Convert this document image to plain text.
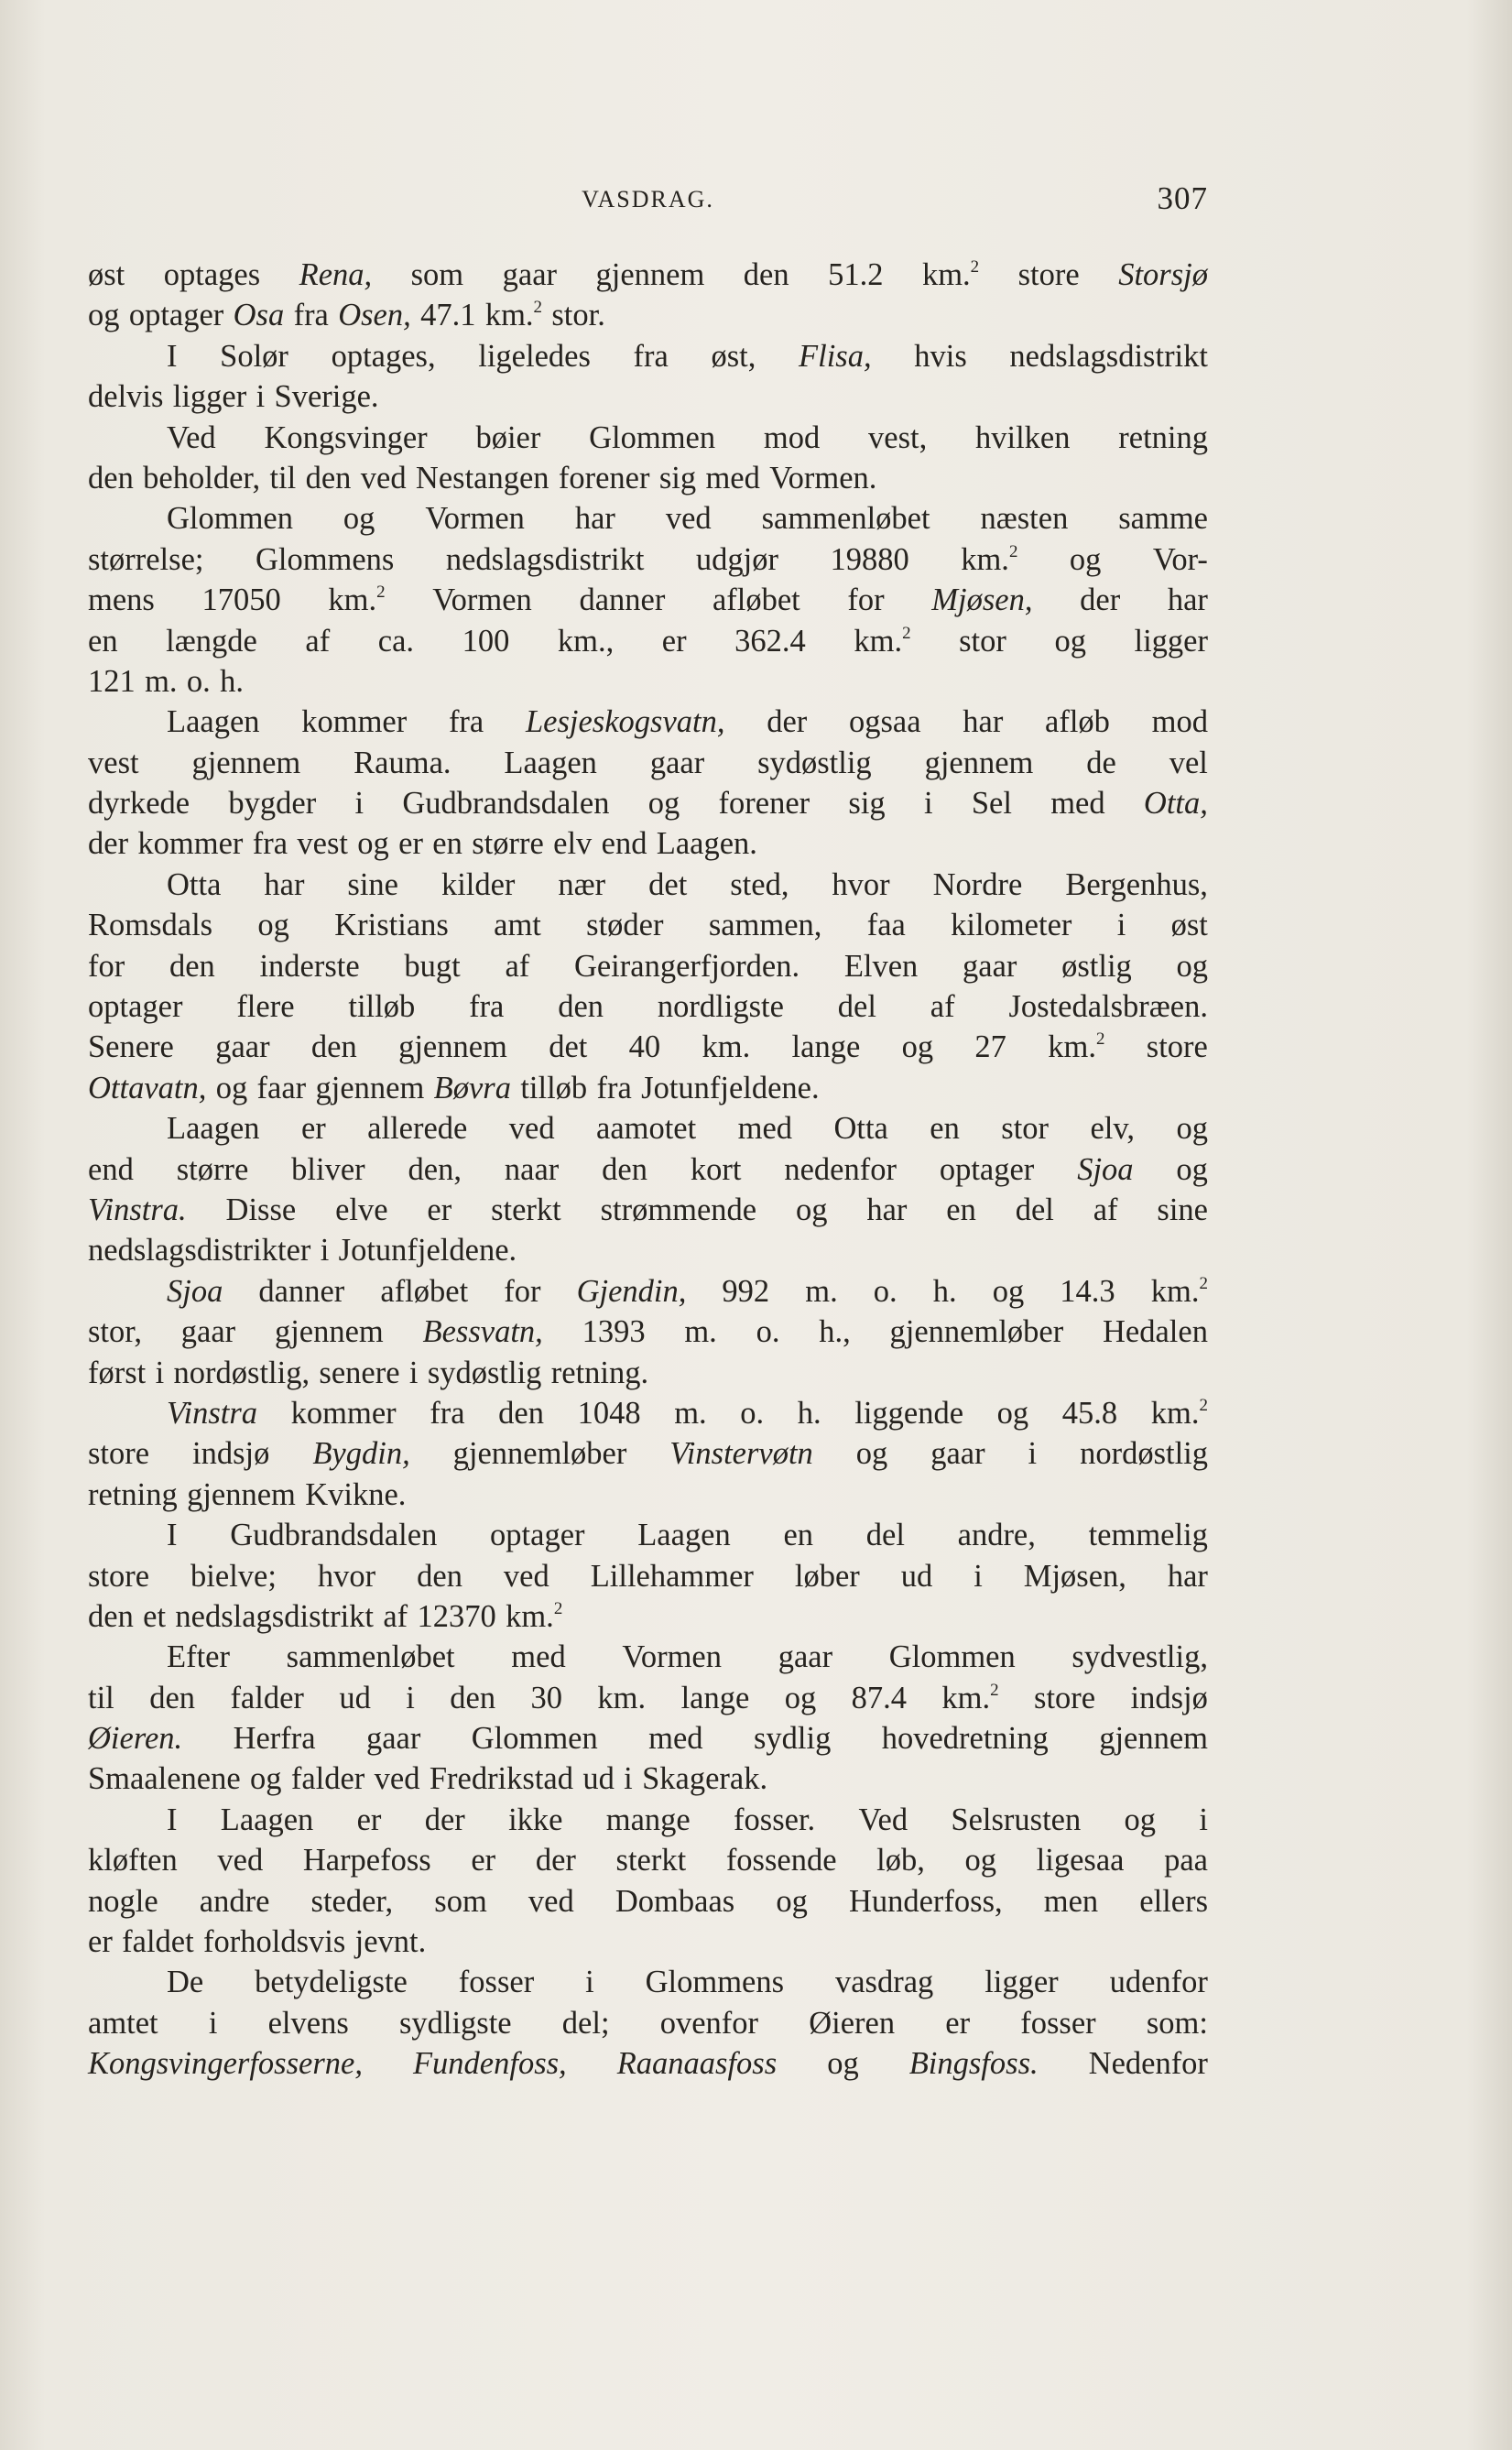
VASDRAG.	307
øst optages Rena, som gaar gjennem den 51.2 km.$^2$ store Storsjø
og optager Osa fra Osen, 47.1 km.$^2$ stor.
I Solør optages, ligeledes fra øst, Flisa, hvis nedslagsdistrikt
delvis ligger i Sverige.
Ved Kongsvinger bøier Glommen mod vest, hvilken retning
den beholder, til den ved Nestangen forener sig med Vormen.
Glommen og Vormen har ved sammenløbet næsten samme
størrelse; Glommens nedslagsdistrikt udgjør 19880 km.$^2$ og Vor-
mens 17050 km.$^2$ Vormen danner afløbet for Mjøsen, der har
en længde af ca. 100 km., er 362.4 km.$^2$ stor og ligger
121 m. o. h.
Laagen kommer fra Lesjeskogsvatn, der ogsaa har afløb mod
vest gjennem Rauma. Laagen gaar sydøstlig gjennem de vel
dyrkede bygder i Gudbrandsdalen og forener sig i Sel med Otta,
der kommer fra vest og er en større elv end Laagen.
Otta har sine kilder nær det sted, hvor Nordre Bergenhus,
Romsdals og Kristians amt støder sammen, faa kilometer i øst
for den inderste bugt af Geirangerfjorden. Elven gaar østlig og
optager flere tilløb fra den nordligste del af Jostedalsbræen.
Senere gaar den gjennem det 40 km. lange og 27 km.$^2$ store
Ottavatn, og faar gjennem Bøvra tilløb fra Jotunfjeldene.
Laagen er allerede ved aamotet med Otta en stor elv, og
end større bliver den, naar den kort nedenfor optager Sjoa og
Vinstra. Disse elve er sterkt strømmende og har en del af sine
nedslagsdistrikter i Jotunfjeldene.
Sjoa danner afløbet for Gjendin, 992 m. o. h. og 14.3 km.$^2$
stor, gaar gjennem Bessvatn, 1393 m. o. h., gjennemløber Hedalen
først i nordøstlig, senere i sydøstlig retning.
Vinstra kommer fra den 1048 m. o. h. liggende og 45.8 km.$^2$
store indsjø Bygdin, gjennemløber Vinstervøtn og gaar i nordøstlig
retning gjennem Kvikne.
I Gudbrandsdalen optager Laagen en del andre, temmelig
store bielve; hvor den ved Lillehammer løber ud i Mjøsen, har
den et nedslagsdistrikt af 12370 km.$^2$
Efter sammenløbet med Vormen gaar Glommen sydvestlig,
til den falder ud i den 30 km. lange og 87.4 km.$^2$ store indsjø
Øieren. Herfra gaar Glommen med sydlig hovedretning gjennem
Smaalenene og falder ved Fredrikstad ud i Skagerak.
I Laagen er der ikke mange fosser. Ved Selsrusten og i
kløften ved Harpefoss er der sterkt fossende løb, og ligesaa paa
nogle andre steder, som ved Dombaas og Hunderfoss, men ellers
er faldet forholdsvis jevnt.
De betydeligste fosser i Glommens vasdrag ligger udenfor
amtet i elvens sydligste del; ovenfor Øieren er fosser som:
Kongsvingerfosserne, Fundenfoss, Raanaasfoss og Bingsfoss. Nedenfor
